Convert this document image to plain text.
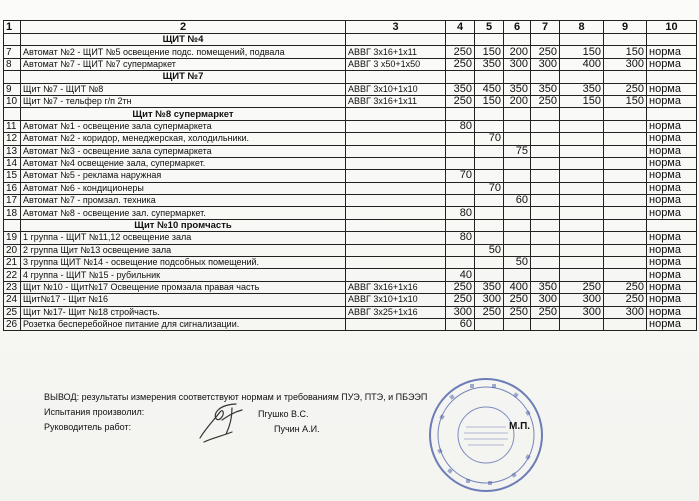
1	2	3	4	5	6	7	8	9	10
	ЩИТ №4								
7	Автомат №2 - ЩИТ №5 освещение подс. помещений, подвала	АВВГ 3х16+1х11	250	150	200	250	150	150	норма
8	Автомат №7 - ЩИТ №7 супермаркет	АВВГ 3 х50+1х50	250	350	300	300	400	300	норма
	ЩИТ №7								
9	Щит №7 - ЩИТ №8	АВВГ 3х10+1х10	350	450	350	350	350	250	норма
10	Щит №7 - тельфер г/п 2тн	АВВГ 3х16+1х11	250	150	200	250	150	150	норма
	Щит №8 супермаркет								
11	Автомат №1 - освещение зала супермаркета		80						норма
12	Автомат №2 - коридор, менеджерская, холодильники.			70					норма
13	Автомат №3 - освещение зала супермаркета				75				норма
14	Автомат №4 освещение зала, супермаркет.								норма
15	Автомат №5 - реклама наружная		70						норма
16	Автомат №6 - кондиционеры			70					норма
17	Автомат №7 - промзал. техника				60				норма
18	Автомат №8 - освещение зал. супермаркет.		80						норма
	Щит №10 промчасть								
19	1 группа - ЩИТ №11,12 освещение зала		80						норма
20	2 группа Щит №13 освещение зала			50					норма
21	3 группа ЩИТ №14 - освещение подсобных помещений.				50				норма
22	4 группа - ЩИТ №15 - рубильник		40						норма
23	Щит №10 - Щит№17 Освещение промзала правая часть	АВВГ 3х16+1х16	250	350	400	350	250	250	норма
24	Щит№17 - Щит №16	АВВГ 3х10+1х10	250	300	250	300	300	250	норма
25	Щит №17- Щит №18 стройчасть.	АВВГ 3х25+1х16	300	250	250	250	300	300	норма
26	Розетка бесперебойное питание для сигнализации.		60						норма
ВЫВОД: результаты измерения соответствуют нормам и требованиям ПУЭ, ПТЭ, и ПБЭЭП
Испытания произволил:	Пгушко В.С.
Руководитель работ:	Пучин А.И.	М.П.
